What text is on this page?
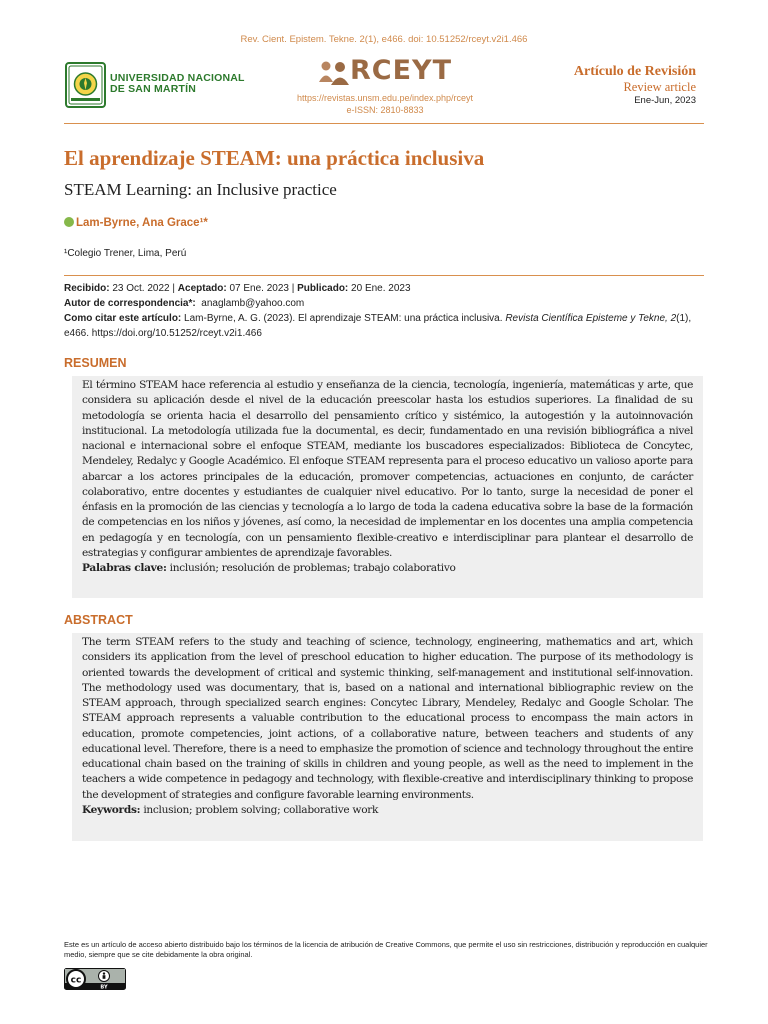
Rev. Cient. Epistem. Tekne. 2(1), e466. doi: 10.51252/rceyt.v2i1.466
UNIVERSIDAD NACIONAL
DE SAN MARTÍN
RCEYT
https://revistas.unsm.edu.pe/index.php/rceyt
e-ISSN: 2810-8833
Artículo de Revisión
Review article
Ene-Jun, 2023
El aprendizaje STEAM: una práctica inclusiva
STEAM Learning: an Inclusive practice
Lam-Byrne, Ana Grace¹*
¹Colegio Trener, Lima, Perú
Recibido: 23 Oct. 2022 | Aceptado: 07 Ene. 2023 | Publicado: 20 Ene. 2023
Autor de correspondencia*: anaglamb@yahoo.com
Como citar este artículo: Lam-Byrne, A. G. (2023). El aprendizaje STEAM: una práctica inclusiva. Revista Científica Episteme y Tekne, 2(1), e466. https://doi.org/10.51252/rceyt.v2i1.466
RESUMEN

El término STEAM hace referencia al estudio y enseñanza de la ciencia, tecnología, ingeniería, matemáticas y arte, que considera su aplicación desde el nivel de la educación preescolar hasta los estudios superiores. La finalidad de su metodología se orienta hacia el desarrollo del pensamiento crítico y sistémico, la autogestión y la autoinnovación institucional. La metodología utilizada fue la documental, es decir, fundamentado en una revisión bibliográfica a nivel nacional e internacional sobre el enfoque STEAM, mediante los buscadores especializados: Biblioteca de Concytec, Mendeley, Redalyc y Google Académico. El enfoque STEAM representa para el proceso educativo un valioso aporte para abarcar a los actores principales de la educación, promover competencias, actuaciones en conjunto, de carácter colaborativo, entre docentes y estudiantes de cualquier nivel educativo. Por lo tanto, surge la necesidad de poner el énfasis en la promoción de las ciencias y tecnología a lo largo de toda la cadena educativa sobre la base de la formación de competencias en los niños y jóvenes, así como, la necesidad de implementar en los docentes una amplia competencia en pedagogía y en tecnología, con un pensamiento flexible-creativo e interdisciplinar para plantear el desarrollo de estrategias y configurar ambientes de aprendizaje favorables.

Palabras clave: inclusión; resolución de problemas; trabajo colaborativo
ABSTRACT

The term STEAM refers to the study and teaching of science, technology, engineering, mathematics and art, which considers its application from the level of preschool education to higher education. The purpose of its methodology is oriented towards the development of critical and systemic thinking, self-management and institutional self-innovation. The methodology used was documentary, that is, based on a national and international bibliographic review on the STEAM approach, through specialized search engines: Concytec Library, Mendeley, Redalyc and Google Scholar. The STEAM approach represents a valuable contribution to the educational process to encompass the main actors in education, promote competencies, joint actions, of a collaborative nature, between teachers and students of any educational level. Therefore, there is a need to emphasize the promotion of science and technology throughout the entire educational chain based on the training of skills in children and young people, as well as the need to implement in the teachers a wide competence in pedagogy and technology, with flexible-creative and interdisciplinary thinking to propose the development of strategies and configure favorable learning environments.

Keywords: inclusion; problem solving; collaborative work
Este es un artículo de acceso abierto distribuido bajo los términos de la licencia de atribución de Creative Commons, que permite el uso sin restricciones, distribución y reproducción en cualquier medio, siempre que se cite debidamente la obra original.
cc
BY
